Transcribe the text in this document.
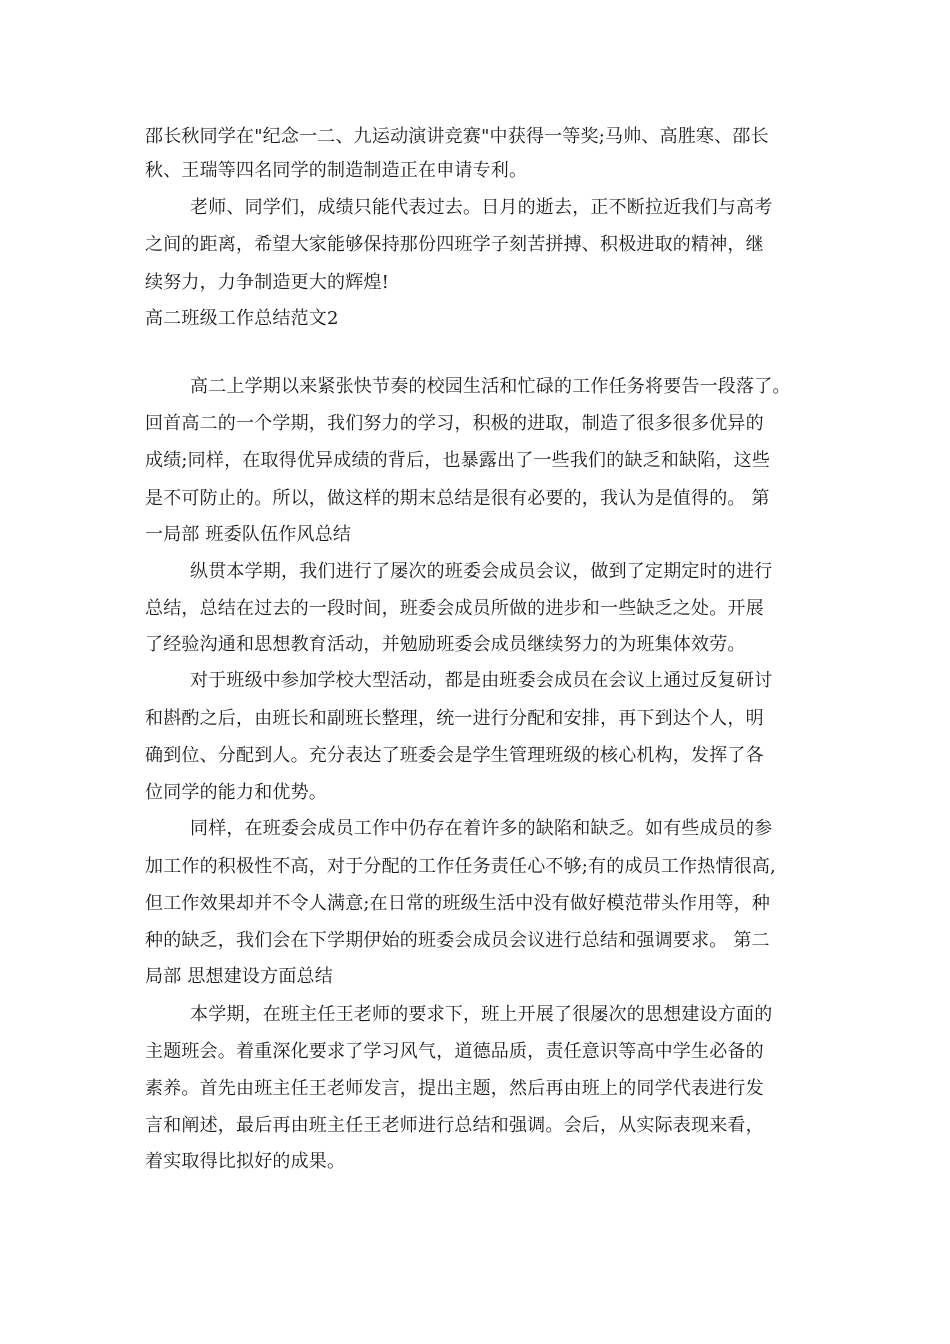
邵长秋同学在"纪念一二、九运动演讲竞赛"中获得一等奖;马帅、高胜寒、邵长
秋、王瑞等四名同学的制造制造正在申请专利。
老师、同学们，成绩只能代表过去。日月的逝去，正不断拉近我们与高考
之间的距离，希望大家能够保持那份四班学子刻苦拼搏、积极进取的精神，继
续努力，力争制造更大的辉煌!
高二班级工作总结范文2
高二上学期以来紧张快节奏的校园生活和忙碌的工作任务将要告一段落了。
回首高二的一个学期，我们努力的学习，积极的进取，制造了很多很多优异的
成绩;同样，在取得优异成绩的背后，也暴露出了一些我们的缺乏和缺陷，这些
是不可防止的。所以，做这样的期末总结是很有必要的，我认为是值得的。 第
一局部 班委队伍作风总结
纵贯本学期，我们进行了屡次的班委会成员会议，做到了定期定时的进行
总结，总结在过去的一段时间，班委会成员所做的进步和一些缺乏之处。开展
了经验沟通和思想教育活动，并勉励班委会成员继续努力的为班集体效劳。
对于班级中参加学校大型活动，都是由班委会成员在会议上通过反复研讨
和斟酌之后，由班长和副班长整理，统一进行分配和安排，再下到达个人，明
确到位、分配到人。充分表达了班委会是学生管理班级的核心机构，发挥了各
位同学的能力和优势。
同样，在班委会成员工作中仍存在着许多的缺陷和缺乏。如有些成员的参
加工作的积极性不高，对于分配的工作任务责任心不够;有的成员工作热情很高,
但工作效果却并不令人满意;在日常的班级生活中没有做好模范带头作用等，种
种的缺乏，我们会在下学期伊始的班委会成员会议进行总结和强调要求。 第二
局部 思想建设方面总结
本学期，在班主任王老师的要求下，班上开展了很屡次的思想建设方面的
主题班会。着重深化要求了学习风气，道德品质，责任意识等高中学生必备的
素养。首先由班主任王老师发言，提出主题，然后再由班上的同学代表进行发
言和阐述，最后再由班主任王老师进行总结和强调。会后，从实际表现来看，
着实取得比拟好的成果。
